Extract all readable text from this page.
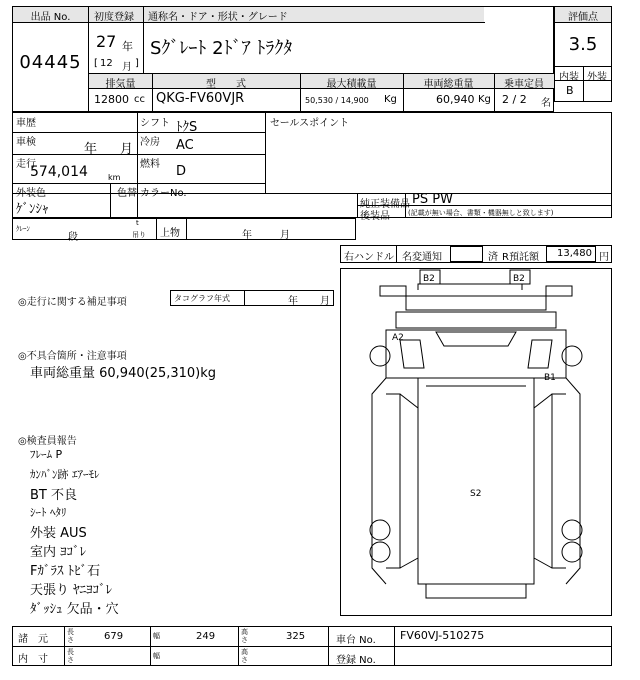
出品 No.
04445
初度登録
27 年
[ 12 月 ]
通称名・ドア・形状・グレード
Sｸﾞﾚｰﾄ 2ﾄﾞｱ ﾄﾗｸﾀ
排気量	型　　式	最大積載量	車両総重量	乗車定員
12800 cc QKG-FV60VJR	50,530 / 14,900 Kg	60,940 Kg 2 / 2 名
評価点
3.5
内装 外装
B
車歴
車検	年 月
走行
574,014	km
シフト ﾄｸS
冷房 AC
燃料 D
外装色
ｹﾞﾝｼｬ
色替 カラーNo.
セールスポイント
純正装備品 PS PW
後装品	(記載が無い場合、書類・機器無しと致します)
ｸﾚｰﾝ
段
t
吊り 上物	年	月
右ハンドル 名変通知	済 R預託額	13,480 円
◎走行に関する補足事項	タコグラフ年式	年 月
◎不具合箇所・注意事項
車両総重量 60,940(25,310)kg
◎検査員報告
ﾌﾚｰﾑ P
ｶﾝﾊﾞﾝ跡 ｴｱｰﾓﾚ
BT 不良
ｼｰﾄ ﾍﾀﾘ
外装 AUS
室内 ﾖｺﾞﾚ
Fｶﾞﾗｽ ﾄﾋﾞ石
天張り ﾔﾆﾖｺﾞﾚ
ﾀﾞｯｼｭ 欠品・穴
B2	B2
A2
B1
S2
諸　元
長さ	679	幅	249	高さ	325	車台 No. FV60VJ-510275
内　寸
長さ	幅	高さ	登録 No.
